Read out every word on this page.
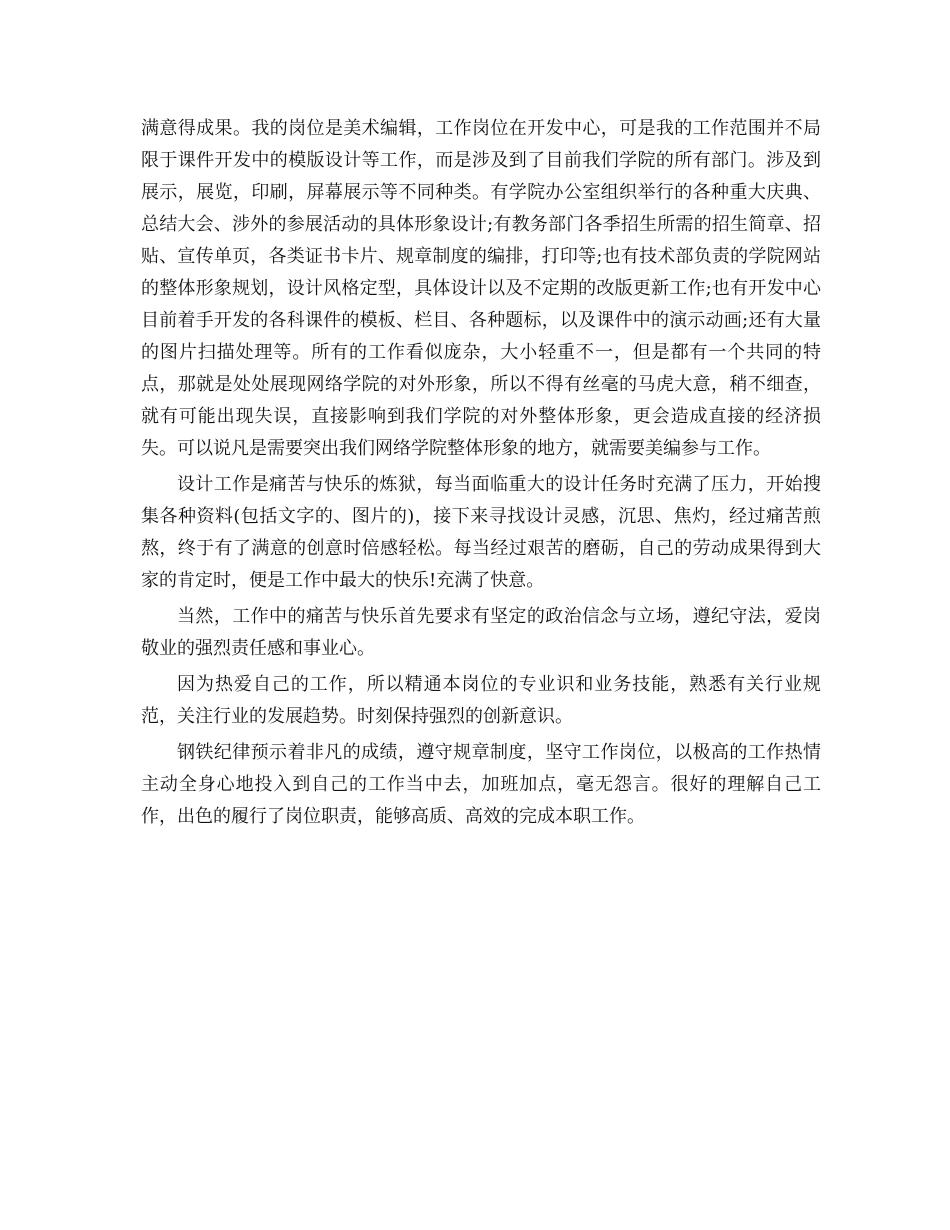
满意得成果。我的岗位是美术编辑，工作岗位在开发中心，可是我的工作范围并不局限于课件开发中的模版设计等工作，而是涉及到了目前我们学院的所有部门。涉及到展示，展览，印刷，屏幕展示等不同种类。有学院办公室组织举行的各种重大庆典、总结大会、涉外的参展活动的具体形象设计;有教务部门各季招生所需的招生简章、招贴、宣传单页，各类证书卡片、规章制度的编排，打印等;也有技术部负责的学院网站的整体形象规划，设计风格定型，具体设计以及不定期的改版更新工作;也有开发中心目前着手开发的各科课件的模板、栏目、各种题标，以及课件中的演示动画;还有大量的图片扫描处理等。所有的工作看似庞杂，大小轻重不一，但是都有一个共同的特点，那就是处处展现网络学院的对外形象，所以不得有丝毫的马虎大意，稍不细查，就有可能出现失误，直接影响到我们学院的对外整体形象，更会造成直接的经济损失。可以说凡是需要突出我们网络学院整体形象的地方，就需要美编参与工作。

设计工作是痛苦与快乐的炼狱，每当面临重大的设计任务时充满了压力，开始搜集各种资料(包括文字的、图片的)，接下来寻找设计灵感，沉思、焦灼，经过痛苦煎熬，终于有了满意的创意时倍感轻松。每当经过艰苦的磨砺，自己的劳动成果得到大家的肯定时，便是工作中最大的快乐!充满了快意。

当然，工作中的痛苦与快乐首先要求有坚定的政治信念与立场，遵纪守法，爱岗敬业的强烈责任感和事业心。

因为热爱自己的工作，所以精通本岗位的专业识和业务技能，熟悉有关行业规范，关注行业的发展趋势。时刻保持强烈的创新意识。

钢铁纪律预示着非凡的成绩，遵守规章制度，坚守工作岗位，以极高的工作热情主动全身心地投入到自己的工作当中去，加班加点，毫无怨言。很好的理解自己工作，出色的履行了岗位职责，能够高质、高效的完成本职工作。
